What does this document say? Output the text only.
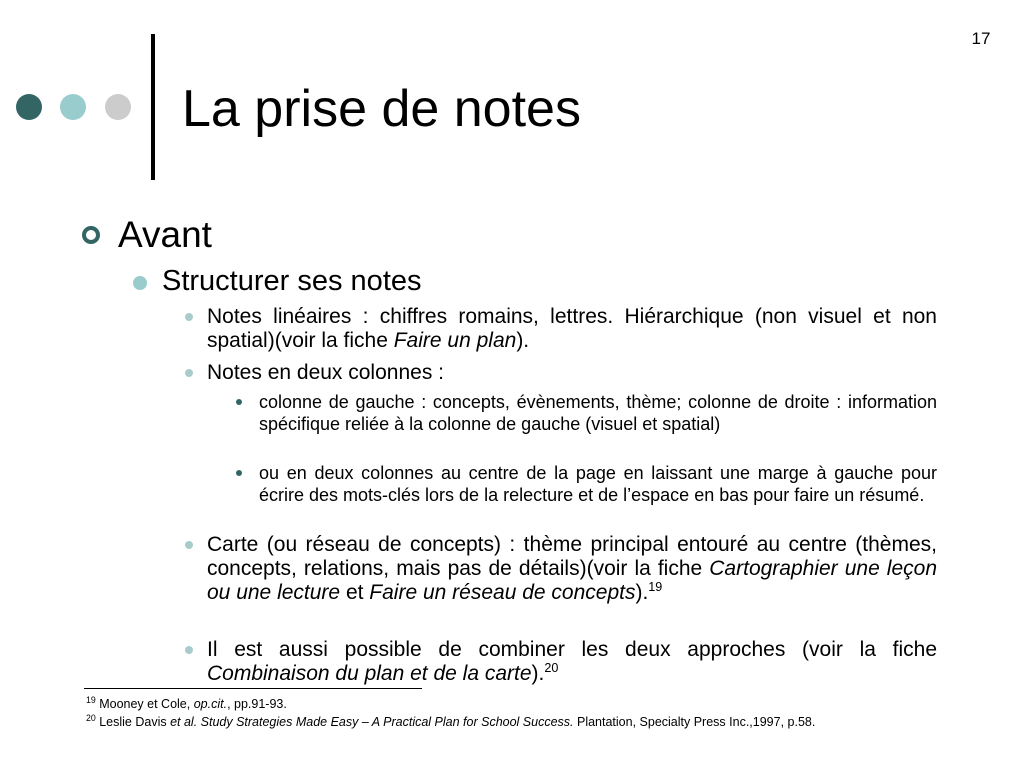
17
La prise de notes
Avant
Structurer ses notes
Notes linéaires : chiffres romains, lettres. Hiérarchique (non visuel et non spatial)(voir la fiche Faire un plan).
Notes en deux colonnes :
colonne de gauche : concepts, évènements, thème; colonne de droite : information spécifique reliée à la colonne de gauche (visuel et spatial)
ou en deux colonnes au centre de la page en laissant une marge à gauche pour écrire des mots-clés lors de la relecture et de l’espace en bas pour faire un résumé.
Carte (ou réseau de concepts) : thème principal entouré au centre (thèmes, concepts, relations, mais pas de détails)(voir la fiche Cartographier une leçon ou une lecture et Faire un réseau de concepts).$^{19}$
Il est aussi possible de combiner les deux approches (voir la fiche Combinaison du plan et de la carte).$^{20}$
$^{19}$ Mooney et Cole, op.cit., pp.91-93.
$^{20}$ Leslie Davis et al. Study Strategies Made Easy – A Practical Plan for School Success. Plantation, Specialty Press Inc.,1997, p.58.
